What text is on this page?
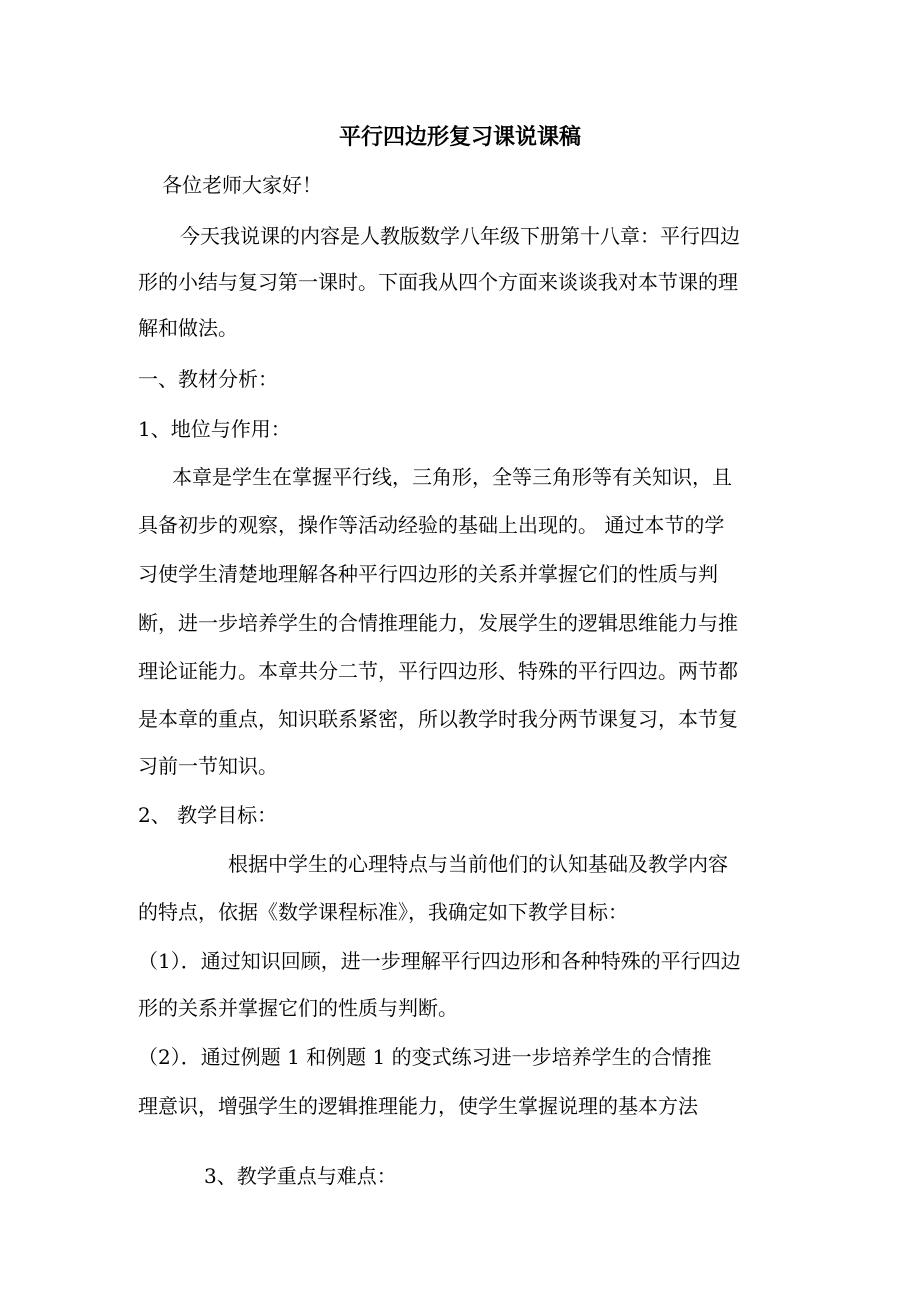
平行四边形复习课说课稿
各位老师大家好！
今天我说课的内容是人教版数学八年级下册第十八章：平行四边
形的小结与复习第一课时。下面我从四个方面来谈谈我对本节课的理
解和做法。
一、教材分析：
1、地位与作用：
本章是学生在掌握平行线，三角形，全等三角形等有关知识，且
具备初步的观察，操作等活动经验的基础上出现的。 通过本节的学
习使学生清楚地理解各种平行四边形的关系并掌握它们的性质与判
断，进一步培养学生的合情推理能力，发展学生的逻辑思维能力与推
理论证能力。本章共分二节，平行四边形、特殊的平行四边。两节都
是本章的重点，知识联系紧密，所以教学时我分两节课复习，本节复
习前一节知识。
2、 教学目标：
根据中学生的心理特点与当前他们的认知基础及教学内容
的特点，依据《数学课程标准》，我确定如下教学目标：
（1）．通过知识回顾，进一步理解平行四边形和各种特殊的平行四边
形的关系并掌握它们的性质与判断。
（2）．通过例题 1 和例题 1 的变式练习进一步培养学生的合情推
理意识，增强学生的逻辑推理能力，使学生掌握说理的基本方法
3、教学重点与难点：
